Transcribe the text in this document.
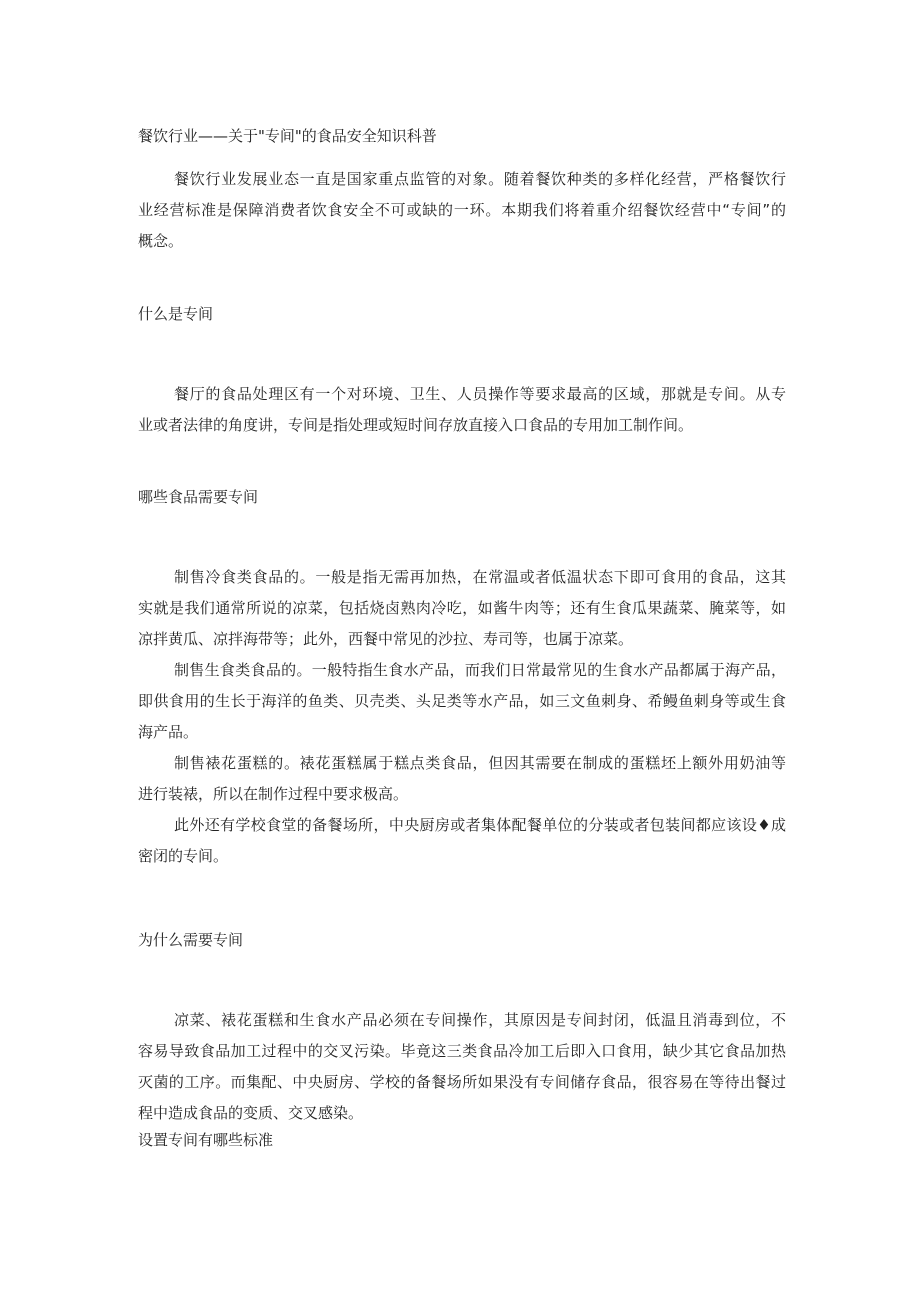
餐饮行业——关于"专间"的食品安全知识科普
餐饮行业发展业态一直是国家重点监管的对象。随着餐饮种类的多样化经营，严格餐饮行
业经营标准是保障消费者饮食安全不可或缺的一环。本期我们将着重介绍餐饮经营中“专间”的
概念。
什么是专间
餐厅的食品处理区有一个对环境、卫生、人员操作等要求最高的区域，那就是专间。从专
业或者法律的角度讲，专间是指处理或短时间存放直接入口食品的专用加工制作间。
哪些食品需要专间
制售冷食类食品的。一般是指无需再加热，在常温或者低温状态下即可食用的食品，这其
实就是我们通常所说的凉菜，包括烧卤熟肉冷吃，如酱牛肉等；还有生食瓜果蔬菜、腌菜等，如
凉拌黄瓜、凉拌海带等；此外，西餐中常见的沙拉、寿司等，也属于凉菜。
制售生食类食品的。一般特指生食水产品，而我们日常最常见的生食水产品都属于海产品，
即供食用的生长于海洋的鱼类、贝壳类、头足类等水产品，如三文鱼刺身、希鳗鱼刺身等或生食
海产品。
制售裱花蛋糕的。裱花蛋糕属于糕点类食品，但因其需要在制成的蛋糕坯上额外用奶油等
进行装裱，所以在制作过程中要求极高。
此外还有学校食堂的备餐场所，中央厨房或者集体配餐单位的分装或者包装间都应该设♦成
密闭的专间。
为什么需要专间
凉菜、裱花蛋糕和生食水产品必须在专间操作，其原因是专间封闭，低温且消毒到位，不
容易导致食品加工过程中的交叉污染。毕竟这三类食品冷加工后即入口食用，缺少其它食品加热
灭菌的工序。而集配、中央厨房、学校的备餐场所如果没有专间储存食品，很容易在等待出餐过
程中造成食品的变质、交叉感染。
设置专间有哪些标准
